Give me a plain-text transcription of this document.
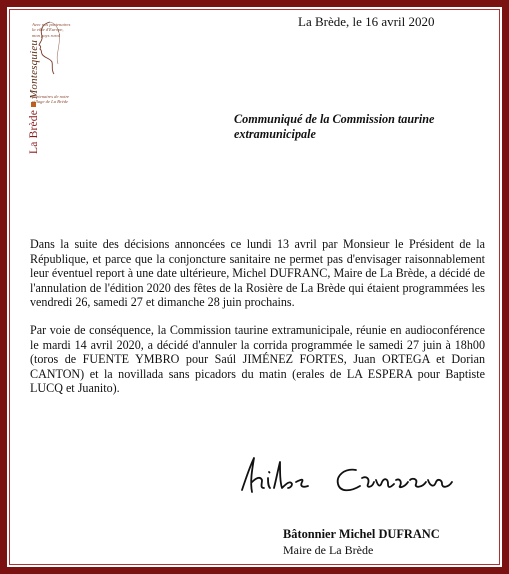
La BrèdeMontesquieu
Avec nos partenaires la ville d'Europe, mon pays rural
partenaires de notre village de La Brède
La Brède, le 16 avril 2020
Communiqué de la Commission taurine extramunicipale

Dans la suite des décisions annoncées ce lundi 13 avril par Monsieur le Président de la République, et parce que la conjoncture sanitaire ne permet pas d'envisager raisonnablement leur éventuel report à une date ultérieure, Michel DUFRANC, Maire de La Brède, a décidé de l'annulation de l'édition 2020 des fêtes de la Rosière de La Brède qui étaient programmées les vendredi 26, samedi 27 et dimanche 28 juin prochains.

Par voie de conséquence, la Commission taurine extramunicipale, réunie en audioconférence le mardi 14 avril 2020, a décidé d'annuler la corrida programmée le samedi 27 juin à 18h00 (toros de FUENTE YMBRO pour Saúl JIMÉNEZ FORTES, Juan ORTEGA et Dorian CANTON) et la novillada sans picadors du matin (erales de LA ESPERA pour Baptiste LUCQ et Juanito).

Bâtonnier Michel DUFRANC
Maire de La Brède
